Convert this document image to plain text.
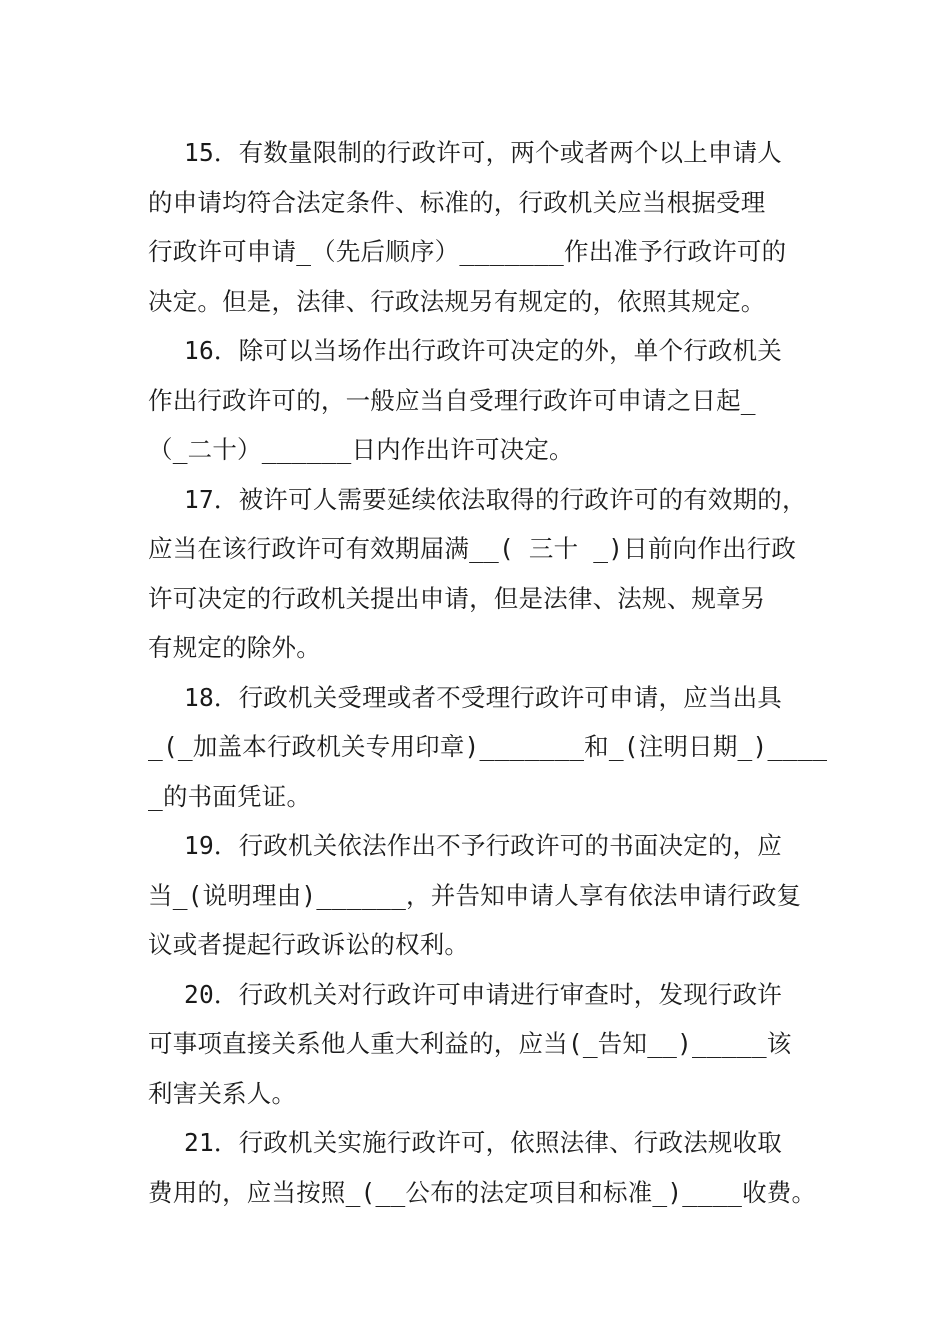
15．有数量限制的行政许可，两个或者两个以上申请人
的申请均符合法定条件、标准的，行政机关应当根据受理
行政许可申请_（先后顺序）_______作出准予行政许可的
决定。但是，法律、行政法规另有规定的，依照其规定。
16．除可以当场作出行政许可决定的外，单个行政机关
作出行政许可的，一般应当自受理行政许可申请之日起_
（_二十）______日内作出许可决定。
17．被许可人需要延续依法取得的行政许可的有效期的，
应当在该行政许可有效期届满__( 三十 _)日前向作出行政
许可决定的行政机关提出申请，但是法律、法规、规章另
有规定的除外。
18．行政机关受理或者不受理行政许可申请，应当出具
_(_加盖本行政机关专用印章)_______和_(注明日期_)____
_的书面凭证。
19．行政机关依法作出不予行政许可的书面决定的，应
当_(说明理由)______，并告知申请人享有依法申请行政复
议或者提起行政诉讼的权利。
20．行政机关对行政许可申请进行审查时，发现行政许
可事项直接关系他人重大利益的，应当(_告知__)_____该
利害关系人。
21．行政机关实施行政许可，依照法律、行政法规收取
费用的，应当按照_(__公布的法定项目和标准_)____收费。
